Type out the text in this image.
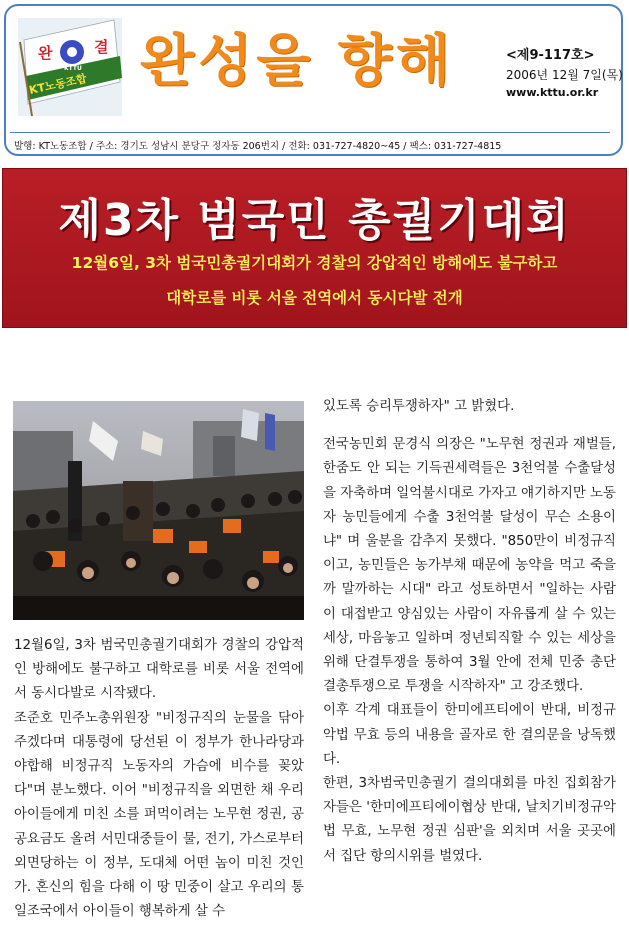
완	결
KTTU
KT노동조합 완성을 향해	<제9-117호>
2006년 12월 7일(목)
www.kttu.or.kr
발행: KT노동조합 / 주소: 경기도 성남시 분당구 정자동 206번지 / 전화: 031-727-4820~45 / 팩스: 031-727-4815
제3차 범국민 총궐기대회
12월6일, 3차 범국민총궐기대회가 경찰의 강압적인 방해에도 불구하고
대학로를 비롯 서울 전역에서 동시다발 전개

12월6일, 3차 범국민총궐기대회가 경찰의 강압적인 방해에도 불구하고 대학로를 비롯 서울 전역에서 동시다발로 시작됐다.

조준호 민주노총위원장 "비정규직의 눈물을 닦아주겠다며 대통령에 당선된 이 정부가 한나라당과 야합해 비정규직 노동자의 가슴에 비수를 꽂았다"며 분노했다. 이어 "비정규직을 외면한 채 우리 아이들에게 미친 소를 퍼먹이려는 노무현 정권, 공공요금도 올려 서민대중들이 물, 전기, 가스로부터 외면당하는 이 정부, 도대체 어떤 놈이 미친 것인가. 혼신의 힘을 다해 이 땅 민중이 살고 우리의 통일조국에서 아이들이 행복하게 살 수

있도록 승리투쟁하자" 고 밝혔다.

전국농민회 문경식 의장은 "노무현 정권과 재벌들, 한줌도 안 되는 기득권세력들은 3천억불 수출달성을 자축하며 일억불시대로 가자고 얘기하지만 노동자 농민들에게 수출 3천억불 달성이 무슨 소용이냐" 며 울분을 감추지 못했다. "850만이 비정규직이고, 농민들은 농가부채 때문에 농약을 먹고 죽을까 말까하는 시대" 라고 성토하면서 "일하는 사람이 대접받고 양심있는 사람이 자유롭게 살 수 있는 세상, 마음놓고 일하며 정년퇴직할 수 있는 세상을 위해 단결투쟁을 통하여 3월 안에 전체 민중 총단결총투쟁으로 투쟁을 시작하자" 고 강조했다.

이후 각계 대표들이 한미에프티에이 반대, 비정규악법 무효 등의 내용을 골자로 한 결의문을 낭독했다.

한편, 3차범국민총궐기 결의대회를 마친 집회참가자들은 '한미에프티에이협상 반대, 날치기비정규악법 무효, 노무현 정권 심판'을 외치며 서울 곳곳에서 집단 항의시위를 벌였다.
